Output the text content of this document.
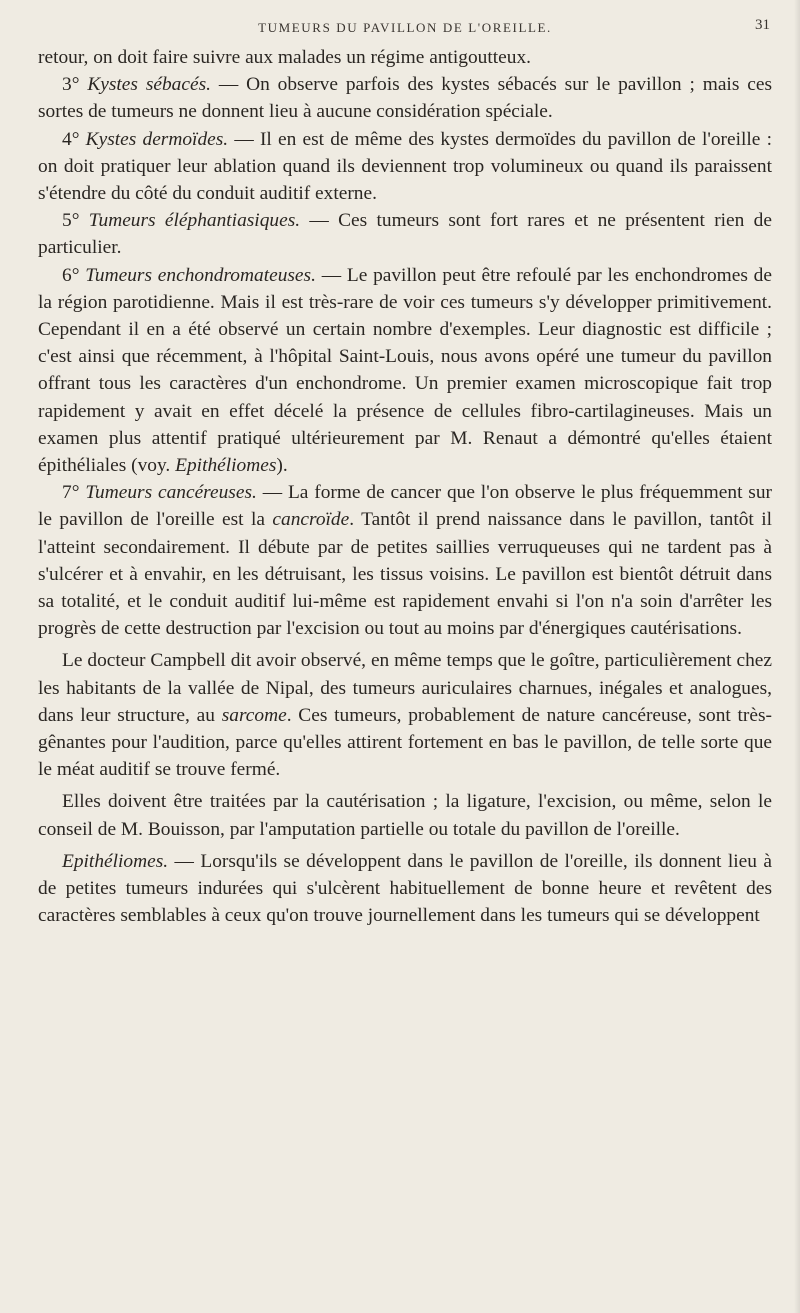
TUMEURS DU PAVILLON DE L'OREILLE.	31

retour, on doit faire suivre aux malades un régime antigoutteux.

3° Kystes sébacés. — On observe parfois des kystes sébacés sur le pavillon ; mais ces sortes de tumeurs ne donnent lieu à aucune considération spéciale.

4° Kystes dermoïdes. — Il en est de même des kystes dermoïdes du pavillon de l'oreille : on doit pratiquer leur ablation quand ils deviennent trop volumineux ou quand ils paraissent s'étendre du côté du conduit auditif externe.

5° Tumeurs éléphantiasiques. — Ces tumeurs sont fort rares et ne présentent rien de particulier.

6° Tumeurs enchondromateuses. — Le pavillon peut être refoulé par les enchondromes de la région parotidienne. Mais il est très-rare de voir ces tumeurs s'y développer primitivement. Cependant il en a été observé un certain nombre d'exemples. Leur diagnostic est difficile ; c'est ainsi que récemment, à l'hôpital Saint-Louis, nous avons opéré une tumeur du pavillon offrant tous les caractères d'un enchondrome. Un premier examen microscopique fait trop rapidement y avait en effet décelé la présence de cellules fibro-cartilagineuses. Mais un examen plus attentif pratiqué ultérieurement par M. Renaut a démontré qu'elles étaient épithéliales (voy. Epithéliomes).

7° Tumeurs cancéreuses. — La forme de cancer que l'on observe le plus fréquemment sur le pavillon de l'oreille est la cancroïde. Tantôt il prend naissance dans le pavillon, tantôt il l'atteint secondairement. Il débute par de petites saillies verruqueuses qui ne tardent pas à s'ulcérer et à envahir, en les détruisant, les tissus voisins. Le pavillon est bientôt détruit dans sa totalité, et le conduit auditif lui-même est rapidement envahi si l'on n'a soin d'arrêter les progrès de cette destruction par l'excision ou tout au moins par d'énergiques cautérisations.

Le docteur Campbell dit avoir observé, en même temps que le goître, particulièrement chez les habitants de la vallée de Nipal, des tumeurs auriculaires charnues, inégales et analogues, dans leur structure, au sarcome. Ces tumeurs, probablement de nature cancéreuse, sont très-gênantes pour l'audition, parce qu'elles attirent fortement en bas le pavillon, de telle sorte que le méat auditif se trouve fermé.

Elles doivent être traitées par la cautérisation ; la ligature, l'excision, ou même, selon le conseil de M. Bouisson, par l'amputation partielle ou totale du pavillon de l'oreille.

Epithéliomes. — Lorsqu'ils se développent dans le pavillon de l'oreille, ils donnent lieu à de petites tumeurs indurées qui s'ulcèrent habituellement de bonne heure et revêtent des caractères semblables à ceux qu'on trouve journellement dans les tumeurs qui se développent
